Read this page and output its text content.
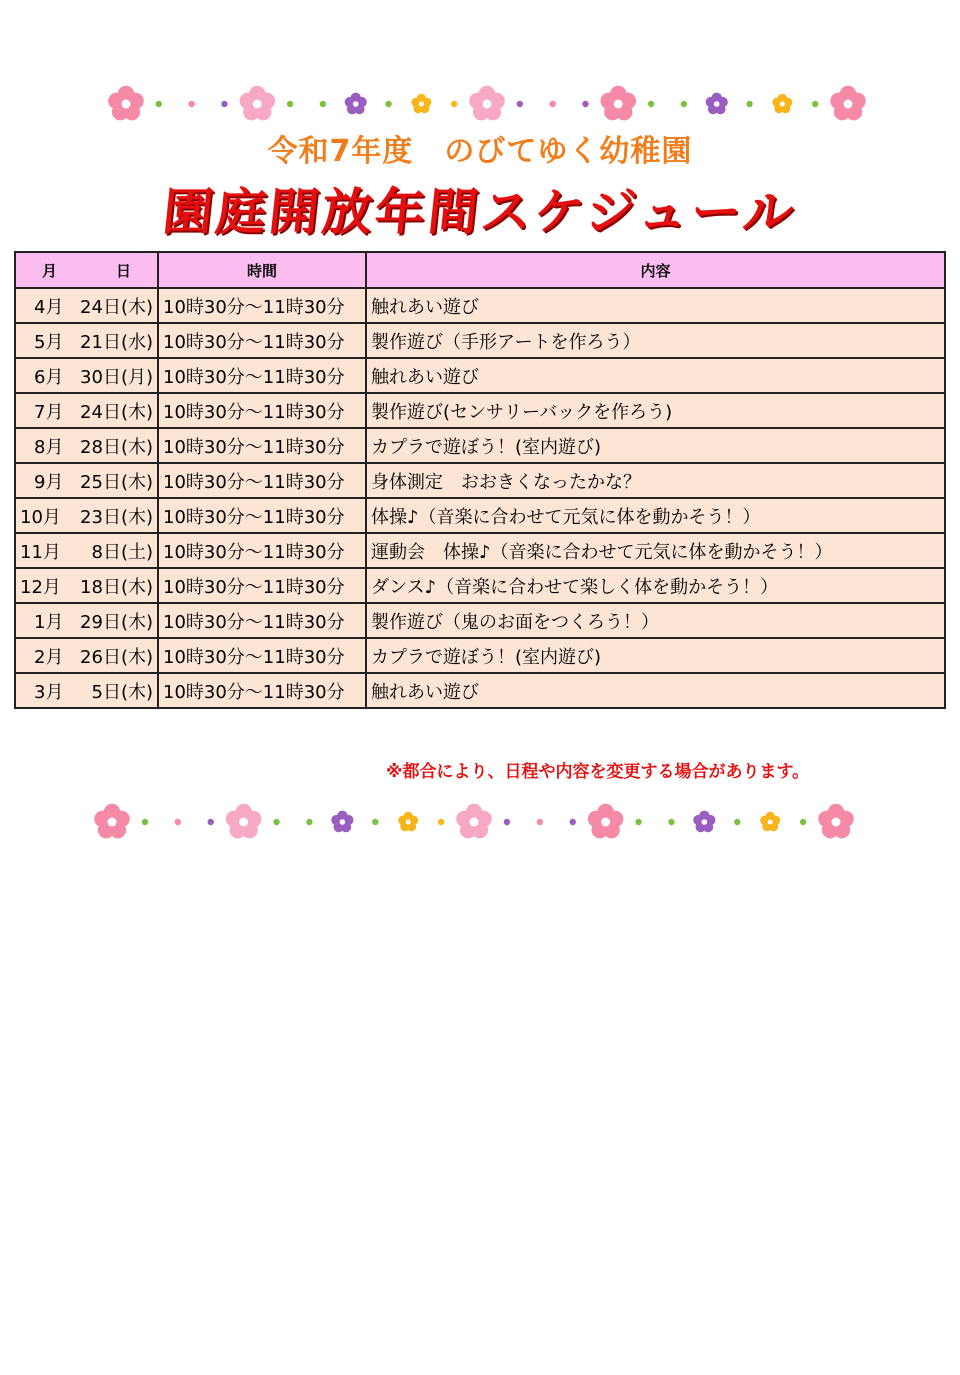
令和7年度　のびてゆく幼稚園
園庭開放年間スケジュール
月 日	時間	内容

4月 24日(木)	10時30分～11時30分	触れあい遊び

5月 21日(水)	10時30分～11時30分	製作遊び（手形アートを作ろう）

6月 30日(月)	10時30分～11時30分	触れあい遊び

7月 24日(木)	10時30分～11時30分	製作遊び(センサリーバックを作ろう)

8月 28日(木)	10時30分～11時30分	カプラで遊ぼう！(室内遊び)

9月 25日(木)	10時30分～11時30分	身体測定　おおきくなったかな？

10月 23日(木)	10時30分～11時30分	体操♪（音楽に合わせて元気に体を動かそう！）

11月 8日(土)	10時30分～11時30分	運動会　体操♪（音楽に合わせて元気に体を動かそう！）

12月 18日(木)	10時30分～11時30分	ダンス♪（音楽に合わせて楽しく体を動かそう！）

1月 29日(木)	10時30分～11時30分	製作遊び（鬼のお面をつくろう！）

2月 26日(木)	10時30分～11時30分	カプラで遊ぼう！(室内遊び)

3月 5日(木)	10時30分～11時30分	触れあい遊び
※都合により、日程や内容を変更する場合があります。
